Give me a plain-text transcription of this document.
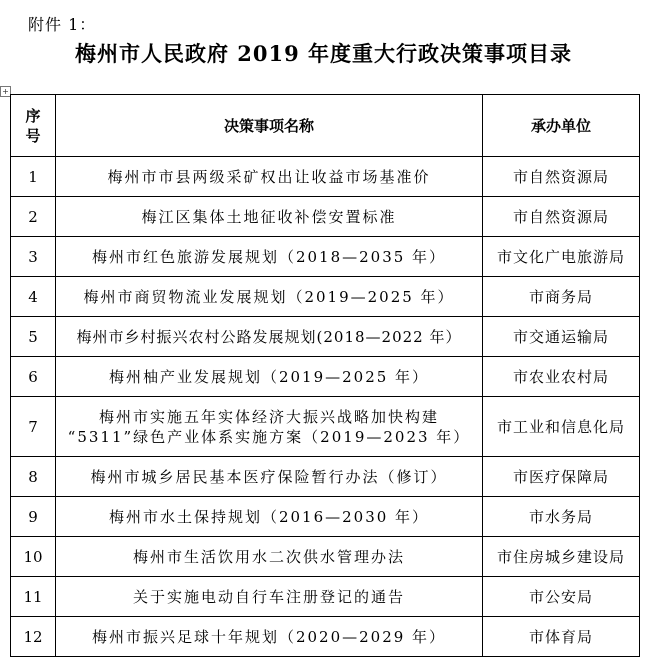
附件 1：
梅州市人民政府 2019 年度重大行政决策事项目录
+
序
号	决策事项名称	承办单位
1	梅州市市县两级采矿权出让收益市场基准价	市自然资源局
2	梅江区集体土地征收补偿安置标准	市自然资源局
3	梅州市红色旅游发展规划（2018—2035 年）	市文化广电旅游局
4	梅州市商贸物流业发展规划（2019—2025 年）	市商务局
5	梅州市乡村振兴农村公路发展规划(2018—2022 年）	市交通运输局
6	梅州柚产业发展规划（2019—2025 年）	市农业农村局
7	梅州市实施五年实体经济大振兴战略加快构建
“5311”绿色产业体系实施方案（2019—2023 年）	市工业和信息化局
8	梅州市城乡居民基本医疗保险暂行办法（修订）	市医疗保障局
9	梅州市水土保持规划（2016—2030 年）	市水务局
10	梅州市生活饮用水二次供水管理办法	市住房城乡建设局
11	关于实施电动自行车注册登记的通告	市公安局
12	梅州市振兴足球十年规划（2020—2029 年）	市体育局
